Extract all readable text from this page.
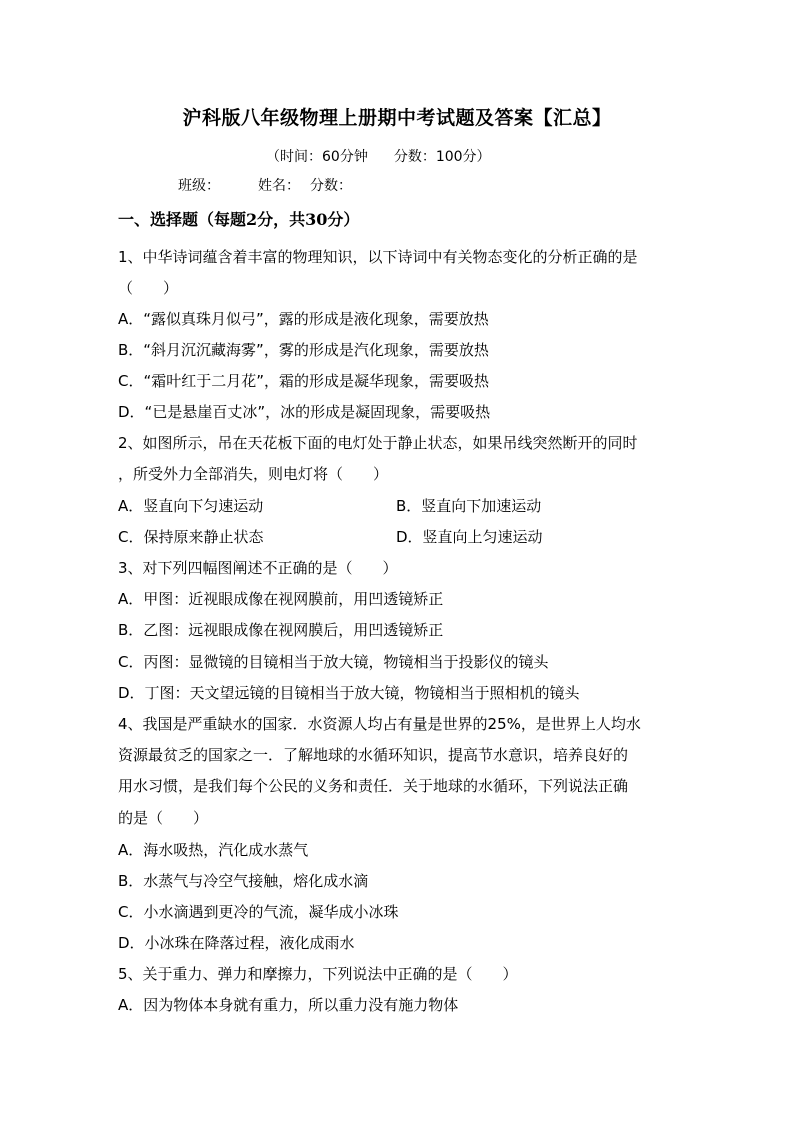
沪科版八年级物理上册期中考试题及答案【汇总】
（时间：60分钟 分数：100分）
班级：	姓名： 分数：
一、选择题（每题2分，共30分）
1、中华诗词蕴含着丰富的物理知识，以下诗词中有关物态变化的分析正确的是
（　　）
A．“露似真珠月似弓”，露的形成是液化现象，需要放热
B．“斜月沉沉藏海雾”，雾的形成是汽化现象，需要放热
C．“霜叶红于二月花”，霜的形成是凝华现象，需要吸热
D．“已是悬崖百丈冰”，冰的形成是凝固现象，需要吸热
2、如图所示，吊在天花板下面的电灯处于静止状态，如果吊线突然断开的同时
，所受外力全部消失，则电灯将（　　）
A．竖直向下匀速运动	B．竖直向下加速运动
C．保持原来静止状态	D．竖直向上匀速运动
3、对下列四幅图阐述不正确的是（　　）
A．甲图：近视眼成像在视网膜前，用凹透镜矫正
B．乙图：远视眼成像在视网膜后，用凹透镜矫正
C．丙图：显微镜的目镜相当于放大镜，物镜相当于投影仪的镜头
D．丁图：天文望远镜的目镜相当于放大镜，物镜相当于照相机的镜头
4、我国是严重缺水的国家．水资源人均占有量是世界的25%，是世界上人均水
资源最贫乏的国家之一．了解地球的水循环知识，提高节水意识，培养良好的
用水习惯，是我们每个公民的义务和责任．关于地球的水循环，下列说法正确
的是（　　）
A．海水吸热，汽化成水蒸气
B．水蒸气与冷空气接触，熔化成水滴
C．小水滴遇到更冷的气流，凝华成小冰珠
D．小冰珠在降落过程，液化成雨水
5、关于重力、弹力和摩擦力，下列说法中正确的是（　　）
A．因为物体本身就有重力，所以重力没有施力物体
